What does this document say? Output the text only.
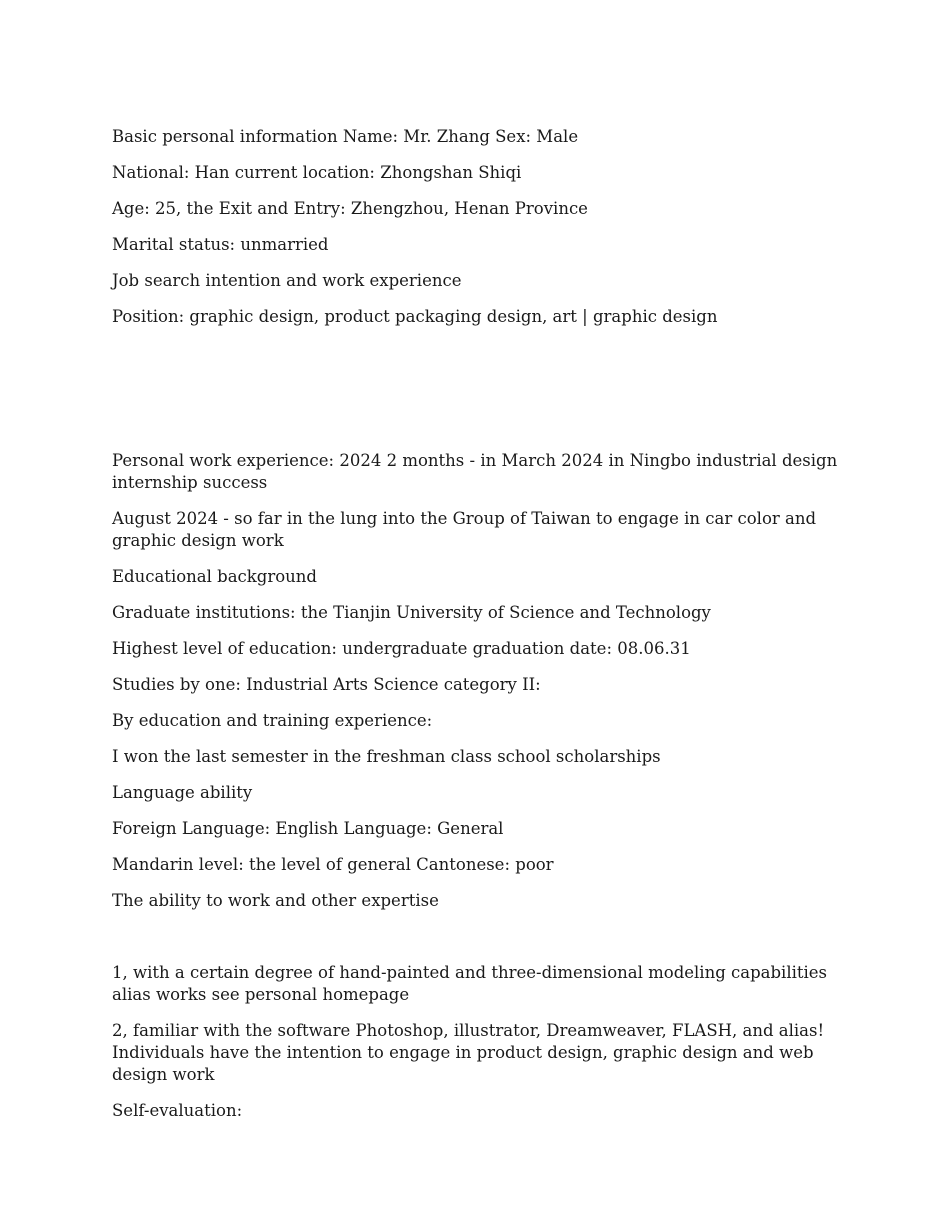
Basic personal information Name: Mr. Zhang Sex: Male

National: Han current location: Zhongshan Shiqi

Age: 25, the Exit and Entry: Zhengzhou, Henan Province

Marital status: unmarried

Job search intention and work experience

Position: graphic design, product packaging design, art | graphic design

Personal work experience: 2024 2 months - in March 2024 in Ningbo industrial design internship success

August 2024 - so far in the lung into the Group of Taiwan to engage in car color and graphic design work

Educational background

Graduate institutions: the Tianjin University of Science and Technology

Highest level of education: undergraduate graduation date: 08.06.31

Studies by one: Industrial Arts Science category II:

By education and training experience:

I won the last semester in the freshman class school scholarships

Language ability

Foreign Language: English Language: General

Mandarin level: the level of general Cantonese: poor

The ability to work and other expertise

1, with a certain degree of hand-painted and three-dimensional modeling capabilities alias works see personal homepage

2, familiar with the software Photoshop, illustrator, Dreamweaver, FLASH, and alias! Individuals have the intention to engage in product design, graphic design and web design work

Self-evaluation:
